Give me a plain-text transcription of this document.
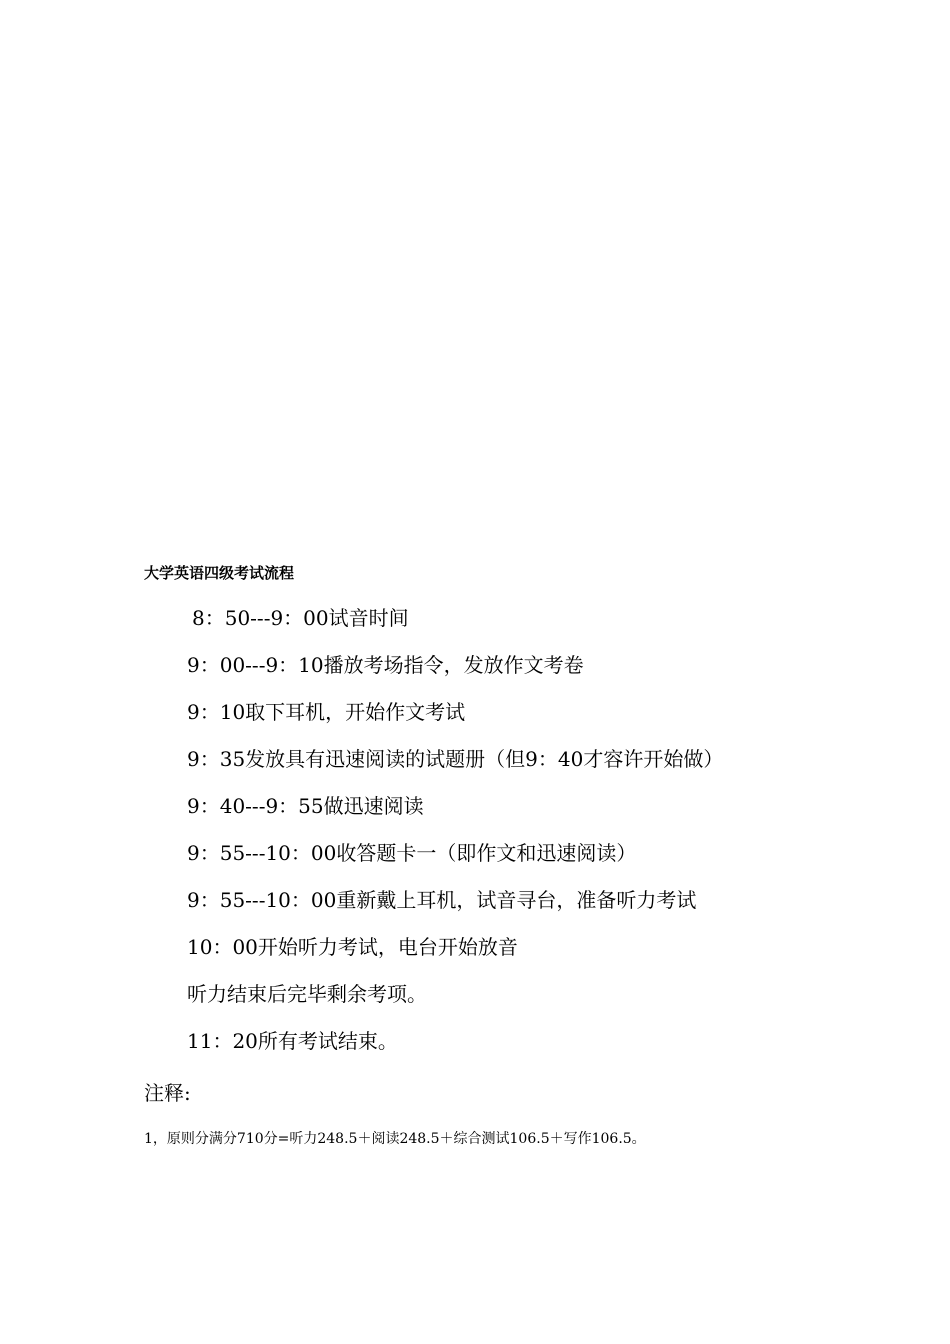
大学英语四级考试流程
8：50---9：00试音时间
9：00---9：10播放考场指令，发放作文考卷
9：10取下耳机，开始作文考试
9：35发放具有迅速阅读的试题册（但9：40才容许开始做）
9：40---9：55做迅速阅读
9：55---10：00收答题卡一（即作文和迅速阅读）
9：55---10：00重新戴上耳机，试音寻台，准备听力考试
10：00开始听力考试，电台开始放音
听力结束后完毕剩余考项。
11：20所有考试结束。
注释:
1，原则分满分710分=听力248.5＋阅读248.5＋综合测试106.5＋写作106.5。
